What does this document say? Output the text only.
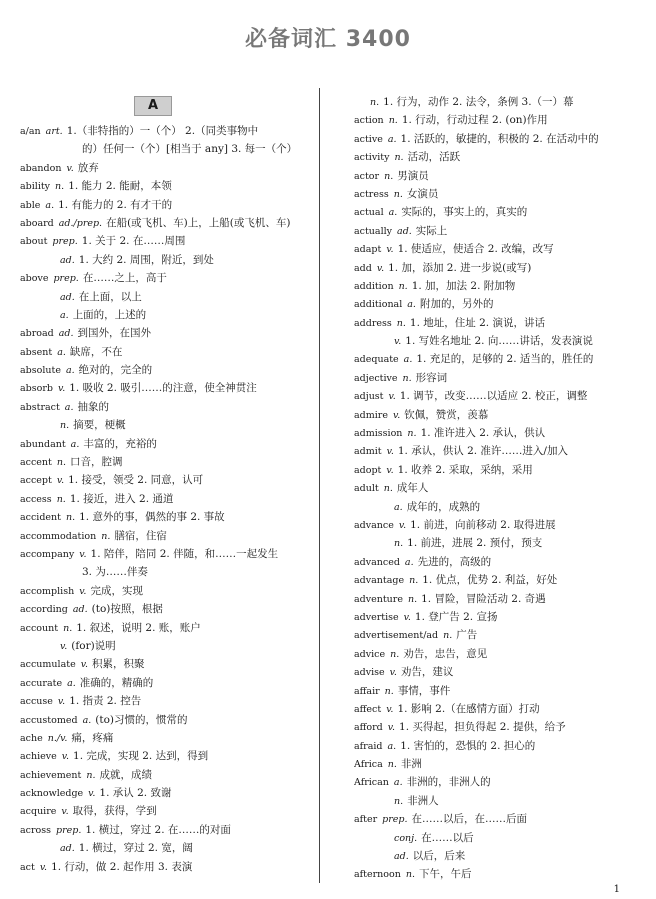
必备词汇 3400
A
a/an art. 1.（非特指的）一（个） 2.（同类事物中
的）任何一（个）[相当于 any] 3. 每一（个）
abandon v. 放弃
ability n. 1. 能力 2. 能耐，本领
able a. 1. 有能力的 2. 有才干的
aboard ad./prep. 在船(或飞机、车)上，上船(或飞机、车)
about prep. 1. 关于 2. 在……周围
ad. 1. 大约 2. 周围，附近，到处
above prep. 在……之上，高于
ad. 在上面，以上
a. 上面的，上述的
abroad ad. 到国外，在国外
absent a. 缺席，不在
absolute a. 绝对的，完全的
absorb v. 1. 吸收 2. 吸引……的注意，使全神贯注
abstract a. 抽象的
n. 摘要，梗概
abundant a. 丰富的，充裕的
accent n. 口音，腔调
accept v. 1. 接受，领受 2. 同意，认可
access n. 1. 接近，进入 2. 通道
accident n. 1. 意外的事，偶然的事 2. 事故
accommodation n. 膳宿，住宿
accompany v. 1. 陪伴，陪同 2. 伴随，和……一起发生
3. 为……伴奏
accomplish v. 完成，实现
according ad. (to)按照，根据
account n. 1. 叙述，说明 2. 账，账户
v. (for)说明
accumulate v. 积累，积聚
accurate a. 准确的，精确的
accuse v. 1. 指责 2. 控告
accustomed a. (to)习惯的，惯常的
ache n./v. 痛，疼痛
achieve v. 1. 完成，实现 2. 达到，得到
achievement n. 成就，成绩
acknowledge v. 1. 承认 2. 致谢
acquire v. 取得，获得，学到
across prep. 1. 横过，穿过 2. 在……的对面
ad. 1. 横过，穿过 2. 宽，阔
act v. 1. 行动，做 2. 起作用 3. 表演
n. 1. 行为，动作 2. 法令，条例 3.（一）幕
action n. 1. 行动，行动过程 2. (on)作用
active a. 1. 活跃的，敏捷的，积极的 2. 在活动中的
activity n. 活动，活跃
actor n. 男演员
actress n. 女演员
actual a. 实际的，事实上的，真实的
actually ad. 实际上
adapt v. 1. 使适应，使适合 2. 改编，改写
add v. 1. 加，添加 2. 进一步说(或写)
addition n. 1. 加，加法 2. 附加物
additional a. 附加的，另外的
address n. 1. 地址，住址 2. 演说，讲话
v. 1. 写姓名地址 2. 向……讲话，发表演说
adequate a. 1. 充足的，足够的 2. 适当的，胜任的
adjective n. 形容词
adjust v. 1. 调节，改变……以适应 2. 校正，调整
admire v. 钦佩，赞赏，羡慕
admission n. 1. 准许进入 2. 承认，供认
admit v. 1. 承认，供认 2. 准许……进入/加入
adopt v. 1. 收养 2. 采取，采纳，采用
adult n. 成年人
a. 成年的，成熟的
advance v. 1. 前进，向前移动 2. 取得进展
n. 1. 前进，进展 2. 预付，预支
advanced a. 先进的，高级的
advantage n. 1. 优点，优势 2. 利益，好处
adventure n. 1. 冒险，冒险活动 2. 奇遇
advertise v. 1. 登广告 2. 宣扬
advertisement/ad n. 广告
advice n. 劝告，忠告，意见
advise v. 劝告，建议
affair n. 事情，事件
affect v. 1. 影响 2.（在感情方面）打动
afford v. 1. 买得起，担负得起 2. 提供，给予
afraid a. 1. 害怕的，恐惧的 2. 担心的
Africa n. 非洲
African a. 非洲的，非洲人的
n. 非洲人
after prep. 在……以后，在……后面
conj. 在……以后
ad. 以后，后来
afternoon n. 下午，午后
1
